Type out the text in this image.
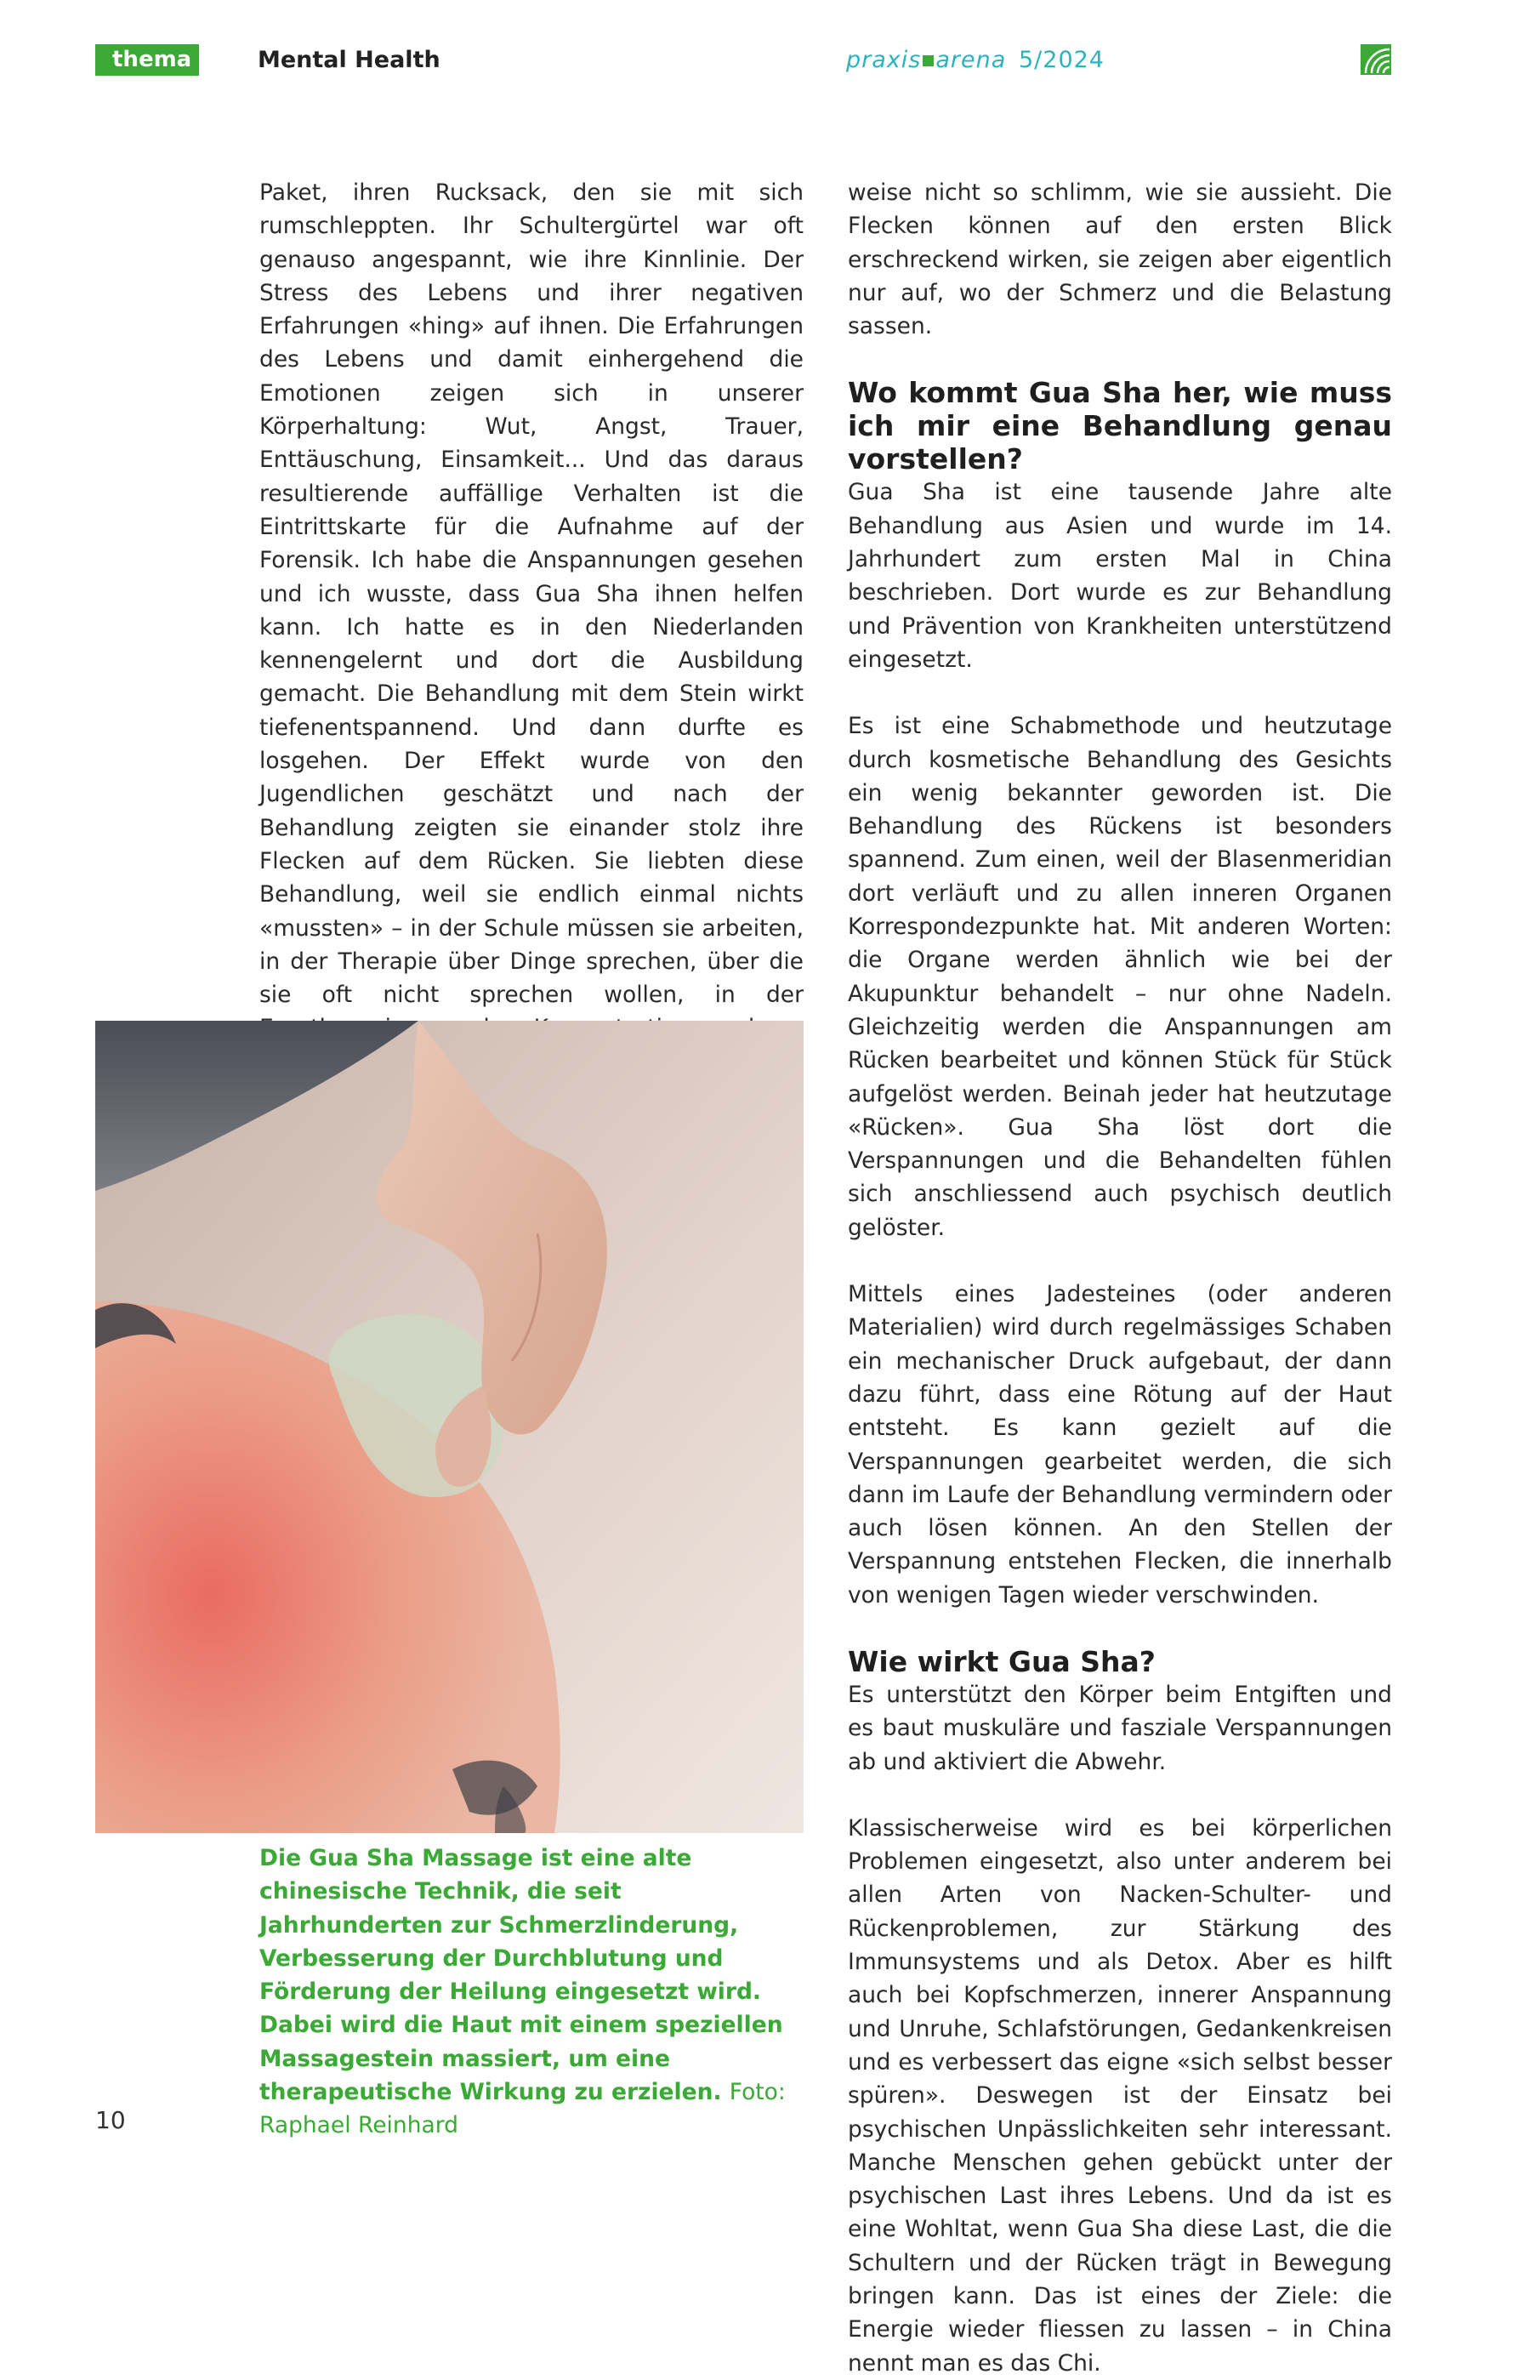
thema	Mental Health	praxis arena 5/2024

Paket, ihren Rucksack, den sie mit sich rumschleppten. Ihr Schultergürtel war oft genauso angespannt, wie ihre Kinnlinie. Der Stress des Lebens und ihrer negativen Erfahrungen «hing» auf ihnen. Die Erfahrungen des Lebens und damit einhergehend die Emotionen zeigen sich in unserer Körperhaltung: Wut, Angst, Trauer, Enttäuschung, Einsamkeit... Und das daraus resultierende auffällige Verhalten ist die Eintrittskarte für die Aufnahme auf der Forensik. Ich habe die Anspannungen gesehen und ich wusste, dass Gua Sha ihnen helfen kann. Ich hatte es in den Niederlanden kennengelernt und dort die Ausbildung gemacht. Die Behandlung mit dem Stein wirkt tiefenentspannend. Und dann durfte es losgehen. Der Effekt wurde von den Jugendlichen geschätzt und nach der Behandlung zeigten sie einander stolz ihre Flecken auf dem Rücken. Sie liebten diese Behandlung, weil sie endlich einmal nichts «mussten» – in der Schule müssen sie arbeiten, in der Therapie über Dinge sprechen, über die sie oft nicht sprechen wollen, in der

Die Gua Sha Massage ist eine alte chinesische Technik, die seit Jahrhunderten zur Schmerzlinderung, Verbesserung der Durchblutung und Förderung der Heilung eingesetzt wird. Dabei wird die Haut mit einem speziellen Massagestein massiert, um eine therapeutische Wirkung zu erzielen. Foto: Raphael Reinhard

weise nicht so schlimm, wie sie aussieht. Die Flecken können auf den ersten Blick erschreckend wirken, sie zeigen aber eigentlich nur auf, wo der Schmerz und die Belastung sassen.

Wo kommt Gua Sha her, wie muss ich mir eine Behandlung genau vorstellen?

Gua Sha ist eine tausende Jahre alte Behandlung aus Asien und wurde im 14. Jahrhundert zum ersten Mal in China beschrieben. Dort wurde es zur Behandlung und Prävention von Krankheiten unterstützend eingesetzt.

Es ist eine Schabmethode und heutzutage durch kosmetische Behandlung des Gesichts ein wenig bekannter geworden ist. Die Behandlung des Rückens ist besonders spannend. Zum einen, weil der Blasenmeridian dort verläuft und zu allen inneren Organen Korrespondezpunkte hat. Mit anderen Worten: die Organe werden ähnlich wie bei der Akupunktur behandelt – nur ohne Nadeln. Gleichzeitig werden die Anspannungen am Rücken bearbeitet und können Stück für Stück aufgelöst werden. Beinah jeder hat heutzutage «Rücken». Gua Sha löst dort die Verspannungen und die Behandelten fühlen sich anschliessend auch psychisch deutlich gelöster.

Mittels eines Jadesteines (oder anderen Materialien) wird durch regelmässiges Schaben ein mechanischer Druck aufgebaut, der dann dazu führt, dass eine Rötung auf der Haut entsteht. Es kann gezielt auf die Verspannungen gearbeitet werden, die sich dann im Laufe der Behandlung vermindern oder auch lösen können. An den Stellen der Verspannung entstehen Flecken, die innerhalb von wenigen Tagen wieder verschwinden.

Wie wirkt Gua Sha?

Es unterstützt den Körper beim Entgiften und es baut muskuläre und fasziale Verspannungen ab und aktiviert die Abwehr.

Klassischerweise wird es bei körperlichen Problemen eingesetzt, also unter anderem bei allen Arten von Nacken-Schulter- und Rückenproblemen, zur Stärkung des Immunsystems und als Detox. Aber es hilft auch bei Kopfschmerzen, innerer Anspannung und Unruhe, Schlafstörungen, Gedankenkreisen und es verbessert das eigne «sich selbst besser spüren». Deswegen ist der Einsatz bei psychischen Unpässlichkeiten sehr interessant. Manche Menschen gehen gebückt unter der psychischen Last ihres Lebens. Und da ist es eine Wohltat, wenn Gua Sha diese Last, die die Schultern und der Rücken trägt in Bewegung bringen kann. Das ist eines der Ziele: die Energie wieder fliessen zu lassen – in China nennt man es das Chi.

10
